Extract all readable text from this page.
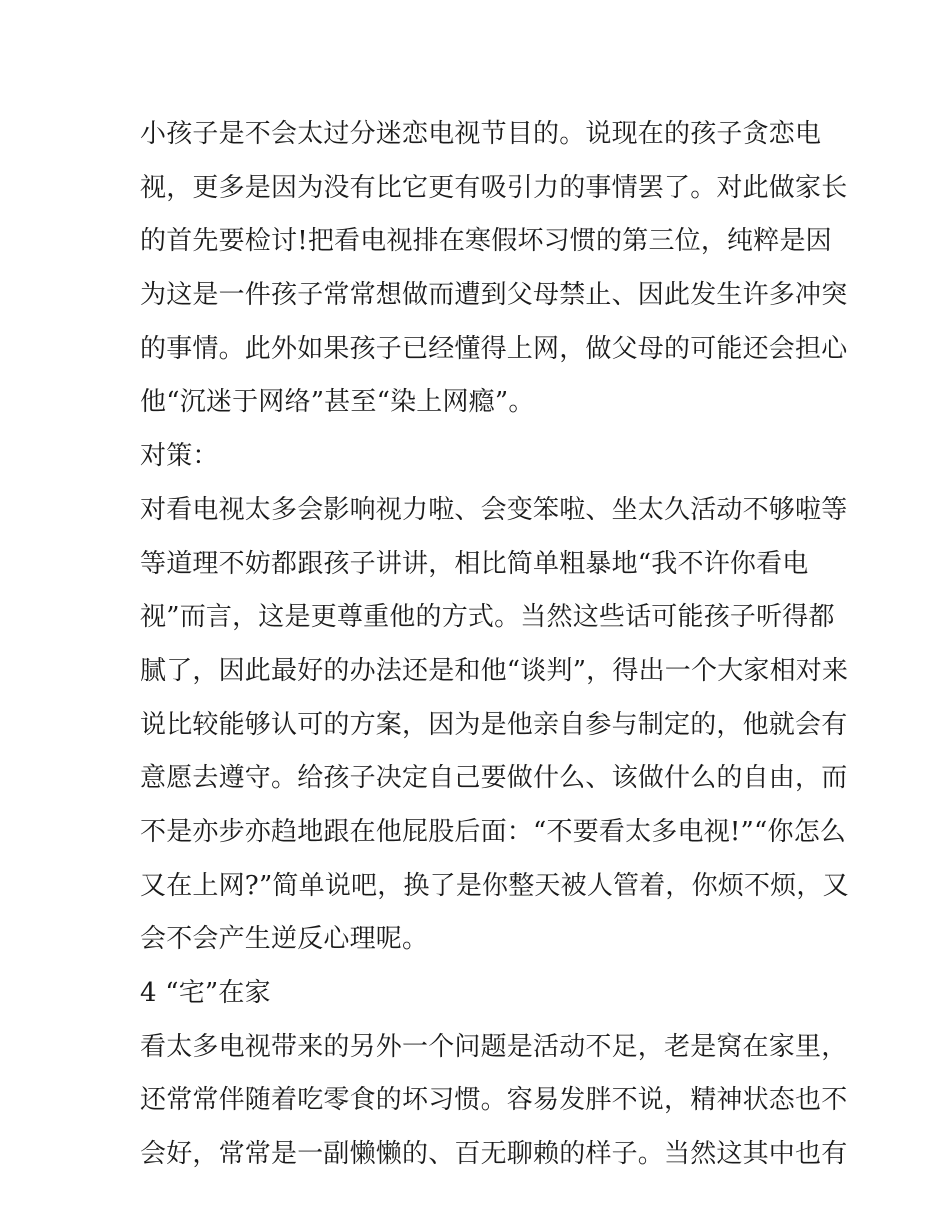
小孩子是不会太过分迷恋电视节目的。说现在的孩子贪恋电
视，更多是因为没有比它更有吸引力的事情罢了。对此做家长
的首先要检讨!把看电视排在寒假坏习惯的第三位，纯粹是因
为这是一件孩子常常想做而遭到父母禁止、因此发生许多冲突
的事情。此外如果孩子已经懂得上网，做父母的可能还会担心
他“沉迷于网络”甚至“染上网瘾”。
对策：
对看电视太多会影响视力啦、会变笨啦、坐太久活动不够啦等
等道理不妨都跟孩子讲讲，相比简单粗暴地“我不许你看电
视”而言，这是更尊重他的方式。当然这些话可能孩子听得都
腻了，因此最好的办法还是和他“谈判”，得出一个大家相对来
说比较能够认可的方案，因为是他亲自参与制定的，他就会有
意愿去遵守。给孩子决定自己要做什么、该做什么的自由，而
不是亦步亦趋地跟在他屁股后面：“不要看太多电视!”“你怎么
又在上网?”简单说吧，换了是你整天被人管着，你烦不烦，又
会不会产生逆反心理呢。
4 “宅”在家
看太多电视带来的另外一个问题是活动不足，老是窝在家里，
还常常伴随着吃零食的坏习惯。容易发胖不说，精神状态也不
会好，常常是一副懒懒的、百无聊赖的样子。当然这其中也有
